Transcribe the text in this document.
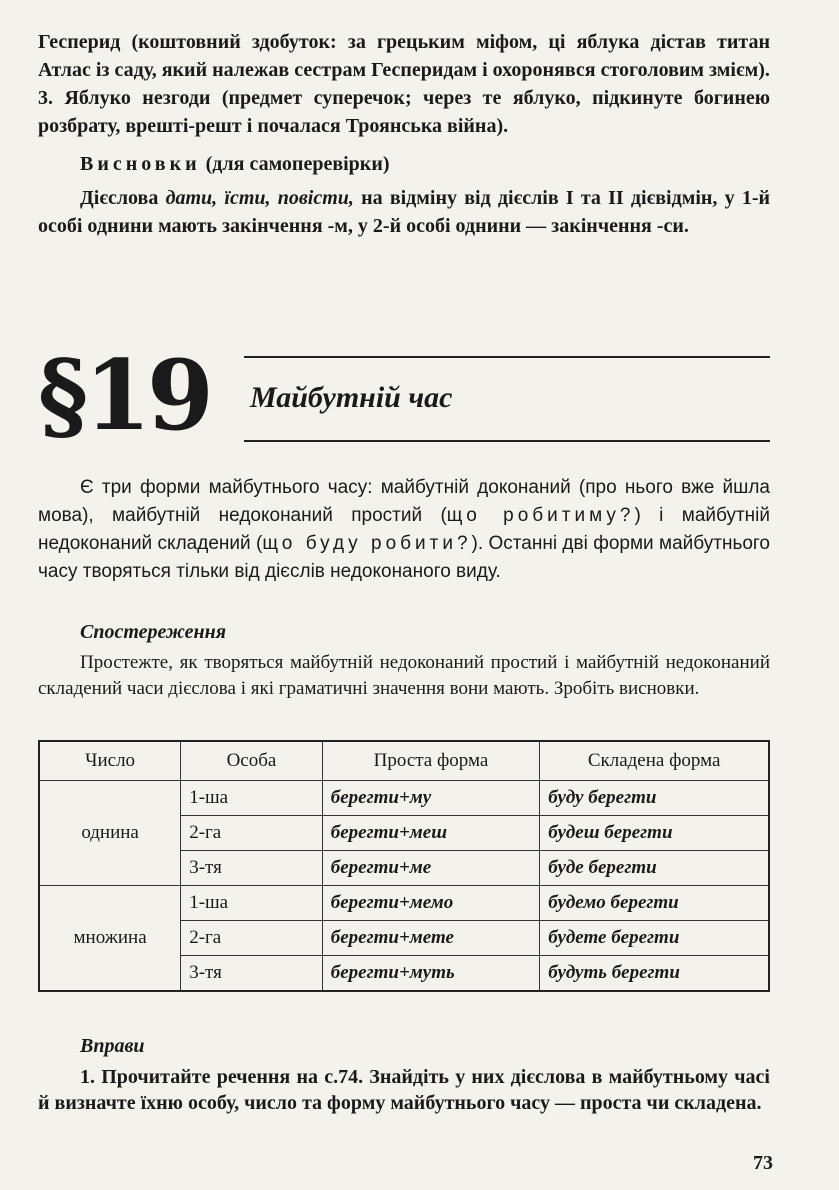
Гесперид (коштовний здобуток: за грецьким міфом, ці яблука дістав титан Атлас із саду, який належав сестрам Гесперидам і охоронявся стоголовим змієм).

3. Яблуко незгоди (предмет суперечок; через те яблуко, підкинуте богинею розбрату, врешті-решт і почалася Троянська війна).

Висновки (для самоперевірки)

Дієслова дати, їсти, повісти, на відміну від дієслів I та II дієвідмін, у 1-й особі однини мають закінчення -м, у 2-й особі однини — закінчення -си.

§19 Майбутній час

Є три форми майбутнього часу: майбутній доконаний (про нього вже йшла мова), майбутній недоконаний простий (що робитиму?) і майбутній недоконаний складений (що буду робити?). Останні дві форми майбутнього часу творяться тільки від дієслів недоконаного виду.

Спостереження

Простежте, як творяться майбутній недоконаний простий і майбутній недоконаний складений часи дієслова і які граматичні значення вони мають. Зробіть висновки.

Число	Особа	Проста форма	Складена форма
однина	1-ша	берегти+му	буду берегти
	2-га	берегти+меш	будеш берегти
	3-тя	берегти+ме	буде берегти
множина	1-ша	берегти+мемо	будемо берегти
	2-га	берегти+мете	будете берегти
	3-тя	берегти+муть	будуть берегти
Вправи

1. Прочитайте речення на с.74. Знайдіть у них дієслова в майбутньому часі й визначте їхню особу, число та форму майбутнього часу — проста чи складена.

73
